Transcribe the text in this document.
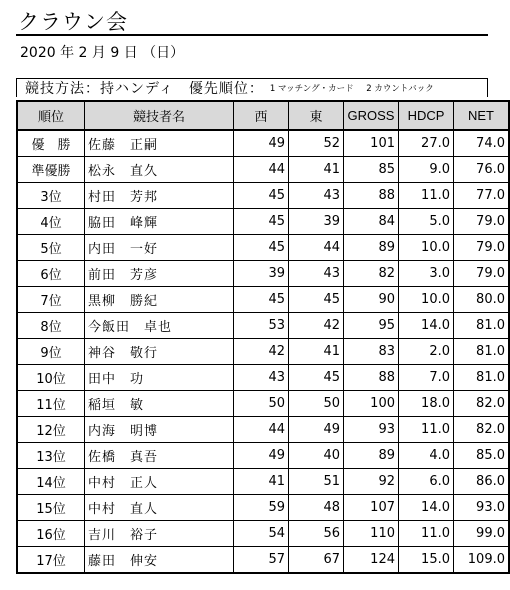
クラウン会
2020 年 2 月 9 日 （日）
競技方法：持ハンディ　優先順位： 1 マッチング・カード 2 カウントバック
順位	競技者名	西	東	GROSS	HDCP	NET
優　勝	佐藤　正嗣	49	52	101	27.0	74.0
準優勝	松永　直久	44	41	85	9.0	76.0
3位	村田　芳邦	45	43	88	11.0	77.0
4位	脇田　峰輝	45	39	84	5.0	79.0
5位	内田　一好	45	44	89	10.0	79.0
6位	前田　芳彦	39	43	82	3.0	79.0
7位	黒柳　勝紀	45	45	90	10.0	80.0
8位	今飯田　卓也	53	42	95	14.0	81.0
9位	神谷　敬行	42	41	83	2.0	81.0
10位	田中　功	43	45	88	7.0	81.0
11位	稲垣　敏	50	50	100	18.0	82.0
12位	内海　明博	44	49	93	11.0	82.0
13位	佐橋　真吾	49	40	89	4.0	85.0
14位	中村　正人	41	51	92	6.0	86.0
15位	中村　直人	59	48	107	14.0	93.0
16位	吉川　裕子	54	56	110	11.0	99.0
17位	藤田　伸安	57	67	124	15.0	109.0
